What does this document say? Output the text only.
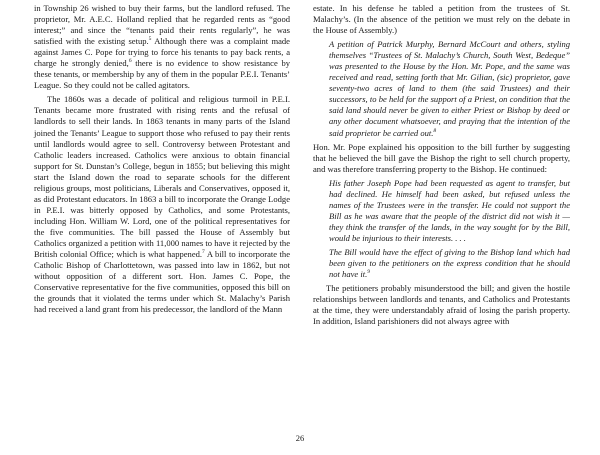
in Township 26 wished to buy their farms, but the landlord refused. The proprietor, Mr. A.E.C. Holland replied that he regarded rents as “good interest;” and since the “tenants paid their rents regularly”, he was satisfied with the existing setup.$^5$ Although there was a complaint made against James C. Pope for trying to force his tenants to pay back rents, a charge he strongly denied,$^6$ there is no evidence to show resistance by these tenants, or membership by any of them in the popular P.E.I. Tenants’ League. So they could not be called agitators.

The 1860s was a decade of political and religious turmoil in P.E.I. Tenants became more frustrated with rising rents and the refusal of landlords to sell their lands. In 1863 tenants in many parts of the Island joined the Tenants’ League to support those who refused to pay their rents until landlords would agree to sell. Controversy between Protestant and Catholic leaders increased. Catholics were anxious to obtain financial support for St. Dunstan’s College, begun in 1855; but believing this might start the Island down the road to separate schools for the different religious groups, most politicians, Liberals and Conservatives, opposed it, as did Protestant educators. In 1863 a bill to incorporate the Orange Lodge in P.E.I. was bitterly opposed by Catholics, and some Protestants, including Hon. William W. Lord, one of the political representatives for the five communities. The bill passed the House of Assembly but Catholics organized a petition with 11,000 names to have it rejected by the British colonial Office; which is what happened.$^7$ A bill to incorporate the Catholic Bishop of Charlottetown, was passed into law in 1862, but not without opposition of a different sort. Hon. James C. Pope, the Conservative representative for the five communities, opposed this bill on the grounds that it violated the terms under which St. Malachy’s Parish had received a land grant from his predecessor, the landlord of the Mann

estate. In his defense he tabled a petition from the trustees of St. Malachy’s. (In the absence of the petition we must rely on the debate in the House of Assembly.)

A petition of Patrick Murphy, Bernard McCourt and others, styling themselves “Trustees of St. Malachy’s Church, South West, Bedeque” was presented to the House by the Hon. Mr. Pope, and the same was received and read, setting forth that Mr. Gilian, (sic) proprietor, gave seventy-two acres of land to them (the said Trustees) and their successors, to be held for the support of a Priest, on condition that the said land should never be given to either Priest or Bishop by deed or any other document whatsoever, and praying that the intention of the said proprietor be carried out.$^8$

Hon. Mr. Pope explained his opposition to the bill further by suggesting that he believed the bill gave the Bishop the right to sell church property, and was therefore transferring property to the Bishop. He continued:

His father Joseph Pope had been requested as agent to transfer, but had declined. He himself had been asked, but refused unless the names of the Trustees were in the transfer. He could not support the Bill as he was aware that the people of the district did not wish it — they think the transfer of the lands, in the way sought for by the Bill, would be injurious to their interests. . . .

The Bill would have the effect of giving to the Bishop land which had been given to the petitioners on the express condition that he should not have it.$^9$

The petitioners probably misunderstood the bill; and given the hostile relationships between landlords and tenants, and Catholics and Protestants at the time, they were understandably afraid of losing the parish property. In addition, Island parishioners did not always agree with

26
